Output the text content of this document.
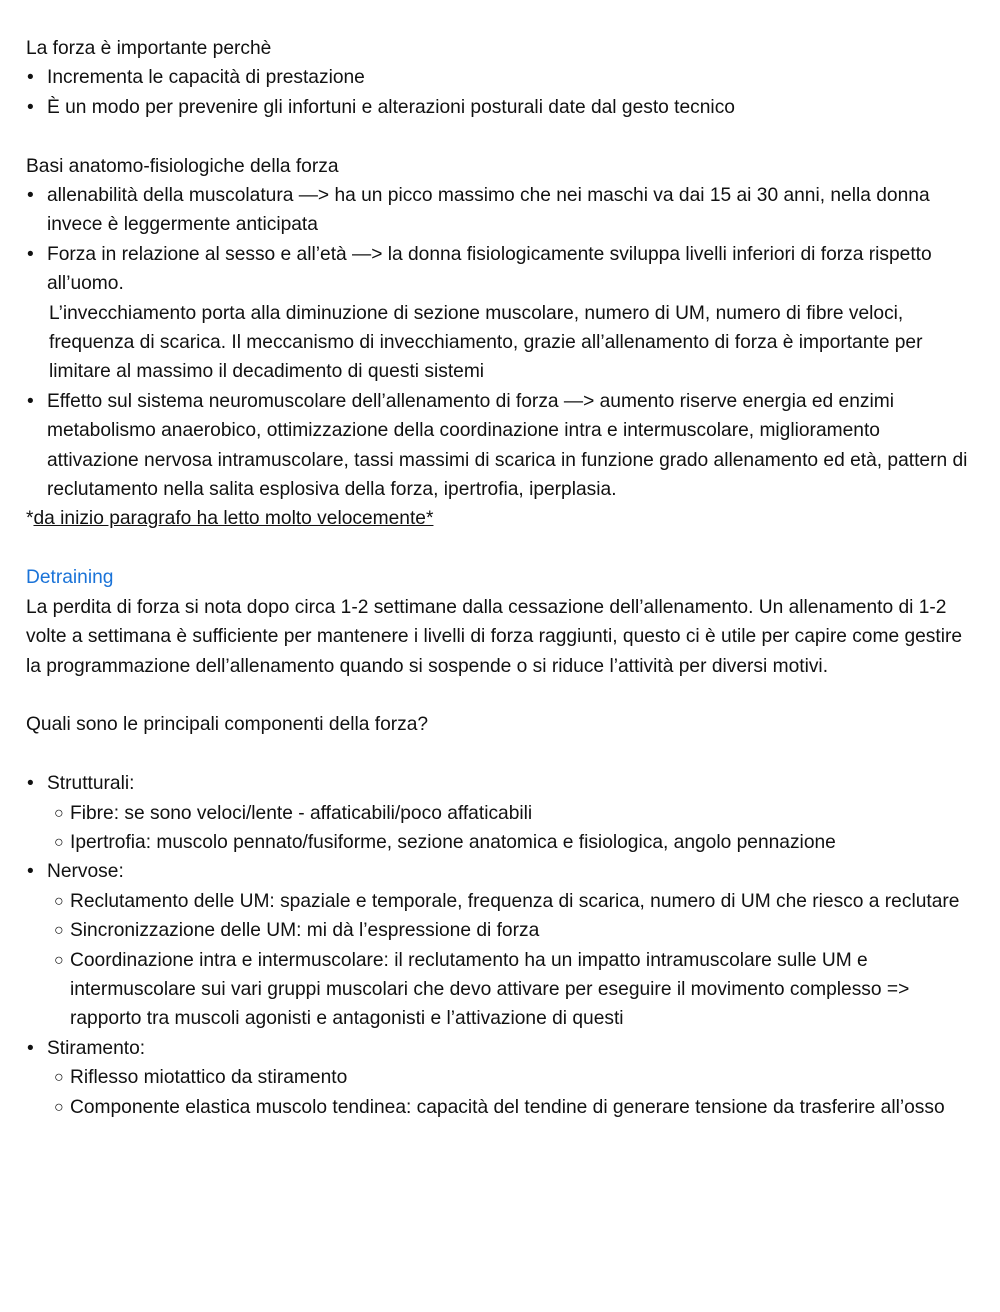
La forza è importante perchè

• Incrementa le capacità di prestazione
• È un modo per prevenire gli infortuni e alterazioni posturali date dal gesto tecnico

Basi anatomo-fisiologiche della forza

• allenabilità della muscolatura —> ha un picco massimo che nei maschi va dai 15 ai 30 anni, nella donna invece è leggermente anticipata
• Forza in relazione al sesso e all’età —> la donna fisiologicamente sviluppa livelli inferiori di forza rispetto all’uomo.
L’invecchiamento porta alla diminuzione di sezione muscolare, numero di UM, numero di fibre veloci, frequenza di scarica. Il meccanismo di invecchiamento, grazie all’allenamento di forza è importante per limitare al massimo il decadimento di questi sistemi
• Effetto sul sistema neuromuscolare dell’allenamento di forza —> aumento riserve energia ed enzimi metabolismo anaerobico, ottimizzazione della coordinazione intra e intermuscolare, miglioramento attivazione nervosa intramuscolare, tassi massimi di scarica in funzione grado allenamento ed età, pattern di reclutamento nella salita esplosiva della forza, ipertrofia, iperplasia.

*da inizio paragrafo ha letto molto velocemente*

Detraining

La perdita di forza si nota dopo circa 1-2 settimane dalla cessazione dell’allenamento. Un allenamento di 1-2 volte a settimana è sufficiente per mantenere i livelli di forza raggiunti, questo ci è utile per capire come gestire la programmazione dell’allenamento quando si sospende o si riduce l’attività per diversi motivi.

Quali sono le principali componenti della forza?

• Strutturali:
○ Fibre: se sono veloci/lente - affaticabili/poco affaticabili
○ Ipertrofia: muscolo pennato/fusiforme, sezione anatomica e fisiologica, angolo pennazione
• Nervose:
○ Reclutamento delle UM: spaziale e temporale, frequenza di scarica, numero di UM che riesco a reclutare
○ Sincronizzazione delle UM: mi dà l’espressione di forza
○ Coordinazione intra e intermuscolare: il reclutamento ha un impatto intramuscolare sulle UM e intermuscolare sui vari gruppi muscolari che devo attivare per eseguire il movimento complesso => rapporto tra muscoli agonisti e antagonisti e l’attivazione di questi
• Stiramento:
○ Riflesso miotattico da stiramento
○ Componente elastica muscolo tendinea: capacità del tendine di generare tensione da trasferire all’osso
